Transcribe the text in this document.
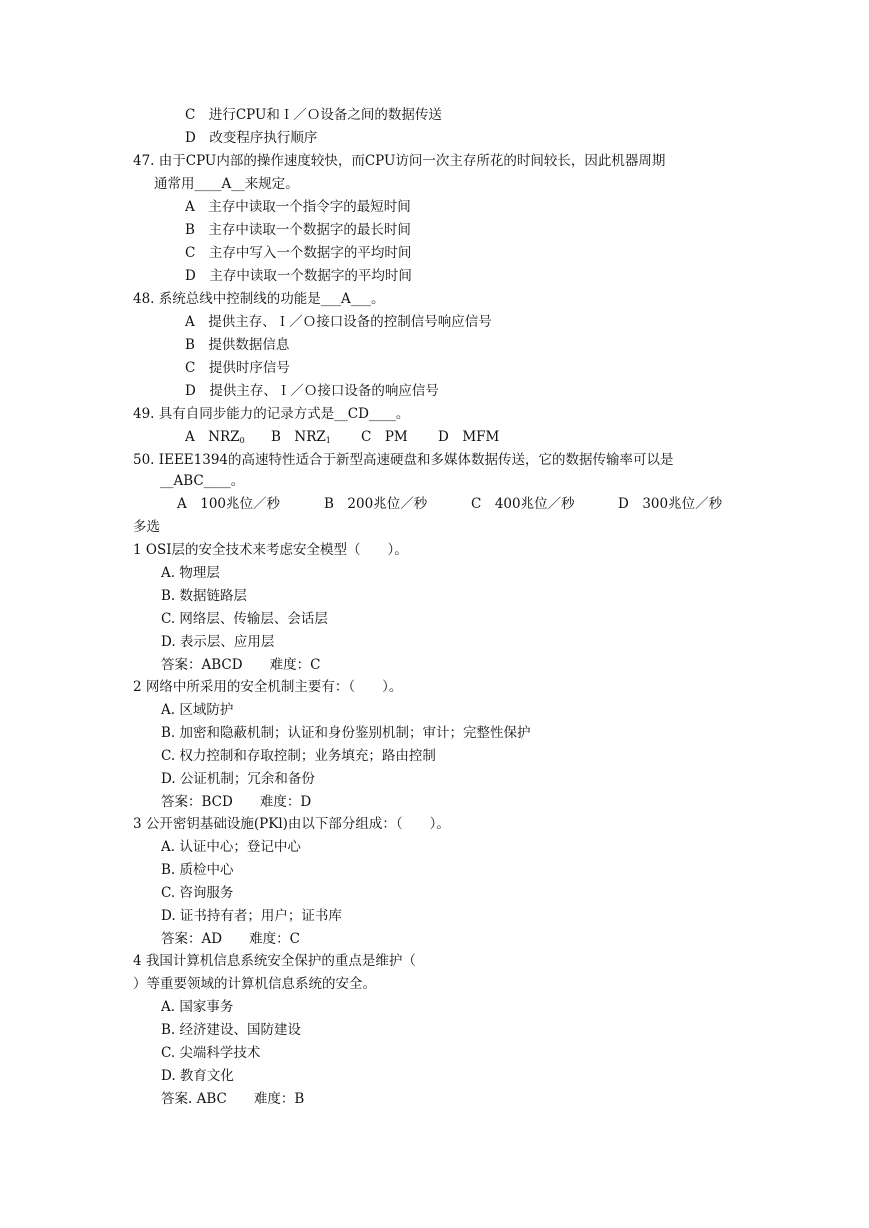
C　进行CPU和Ｉ／Ｏ设备之间的数据传送
D　改变程序执行顺序
47. 由于CPU内部的操作速度较快，而CPU访问一次主存所花的时间较长，因此机器周期
通常用____A__来规定。
A　主存中读取一个指令字的最短时间
B　主存中读取一个数据字的最长时间
C　主存中写入一个数据字的平均时间
D　主存中读取一个数据字的平均时间
48. 系统总线中控制线的功能是___A___。
A　提供主存、Ｉ／Ｏ接口设备的控制信号响应信号
B　提供数据信息
C　提供时序信号
D　提供主存、Ｉ／Ｏ接口设备的响应信号
49. 具有自同步能力的记录方式是__CD____。
A　$NRZ_0$ B　$NRZ_1$ C　PM D　MFM
50. IEEE1394的高速特性适合于新型高速硬盘和多媒体数据传送，它的数据传输率可以是
__ABC____。
A　100兆位／秒	B　200兆位／秒	C　400兆位／秒	D　300兆位／秒
多选
1 OSI层的安全技术来考虑安全模型（　　）。
A. 物理层
B. 数据链路层
C. 网络层、传输层、会话层
D. 表示层、应用层
答案：ABCD　　难度：C
2 网络中所采用的安全机制主要有：（　　）。
A. 区域防护
B. 加密和隐蔽机制；认证和身份鉴别机制；审计；完整性保护
C. 权力控制和存取控制；业务填充；路由控制
D. 公证机制；冗余和备份
答案：BCD　　难度：D
3 公开密钥基础设施(PKl)由以下部分组成：（　　）。
A. 认证中心；登记中心
B. 质检中心
C. 咨询服务
D. 证书持有者；用户；证书库
答案：AD　　难度：C
4 我国计算机信息系统安全保护的重点是维护（
）等重要领域的计算机信息系统的安全。
A. 国家事务
B. 经济建设、国防建设
C. 尖端科学技术
D. 教育文化
答案. ABC　　难度：B
